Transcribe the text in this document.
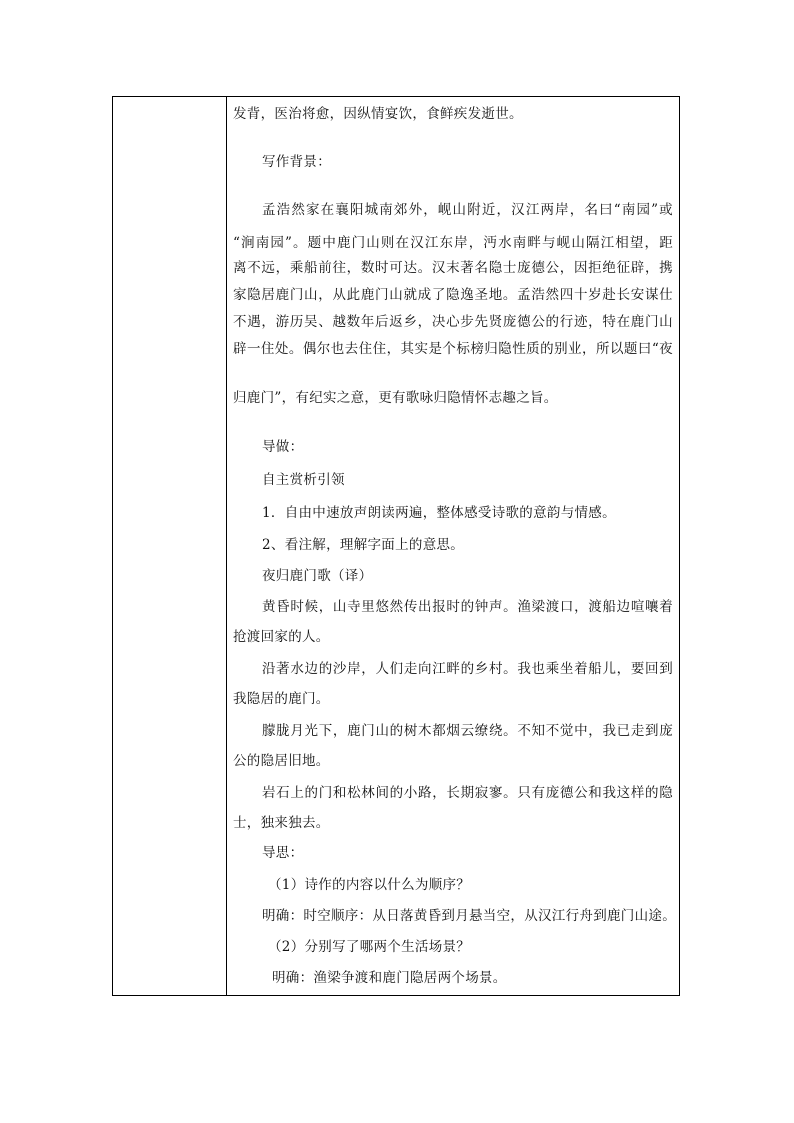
发背，医治将愈，因纵情宴饮，食鲜疾发逝世。
写作背景：
孟浩然家在襄阳城南郊外，岘山附近，汉江两岸，名曰“南园”或
“涧南园”。题中鹿门山则在汉江东岸，沔水南畔与岘山隔江相望，距
离不远，乘船前往，数时可达。汉末著名隐士庞德公，因拒绝征辟，携
家隐居鹿门山，从此鹿门山就成了隐逸圣地。孟浩然四十岁赴长安谋仕
不遇，游历吴、越数年后返乡，决心步先贤庞德公的行迹，特在鹿门山
辟一住处。偶尔也去住住，其实是个标榜归隐性质的别业，所以题曰“夜
归鹿门”，有纪实之意，更有歌咏归隐情怀志趣之旨。
导做：
自主赏析引领
1．自由中速放声朗读两遍，整体感受诗歌的意韵与情感。
2、看注解，理解字面上的意思。
夜归鹿门歌（译）
黄昏时候，山寺里悠然传出报时的钟声。渔梁渡口，渡船边喧嚷着
抢渡回家的人。
沿著水边的沙岸，人们走向江畔的乡村。我也乘坐着船儿，要回到
我隐居的鹿门。
朦胧月光下，鹿门山的树木都烟云缭绕。不知不觉中，我已走到庞
公的隐居旧地。
岩石上的门和松林间的小路，长期寂寥。只有庞德公和我这样的隐
士，独来独去。
导思：
（1）诗作的内容以什么为顺序？
明确：时空顺序：从日落黄昏到月悬当空，从汉江行舟到鹿门山途。
（2）分别写了哪两个生活场景？
明确：渔梁争渡和鹿门隐居两个场景。
